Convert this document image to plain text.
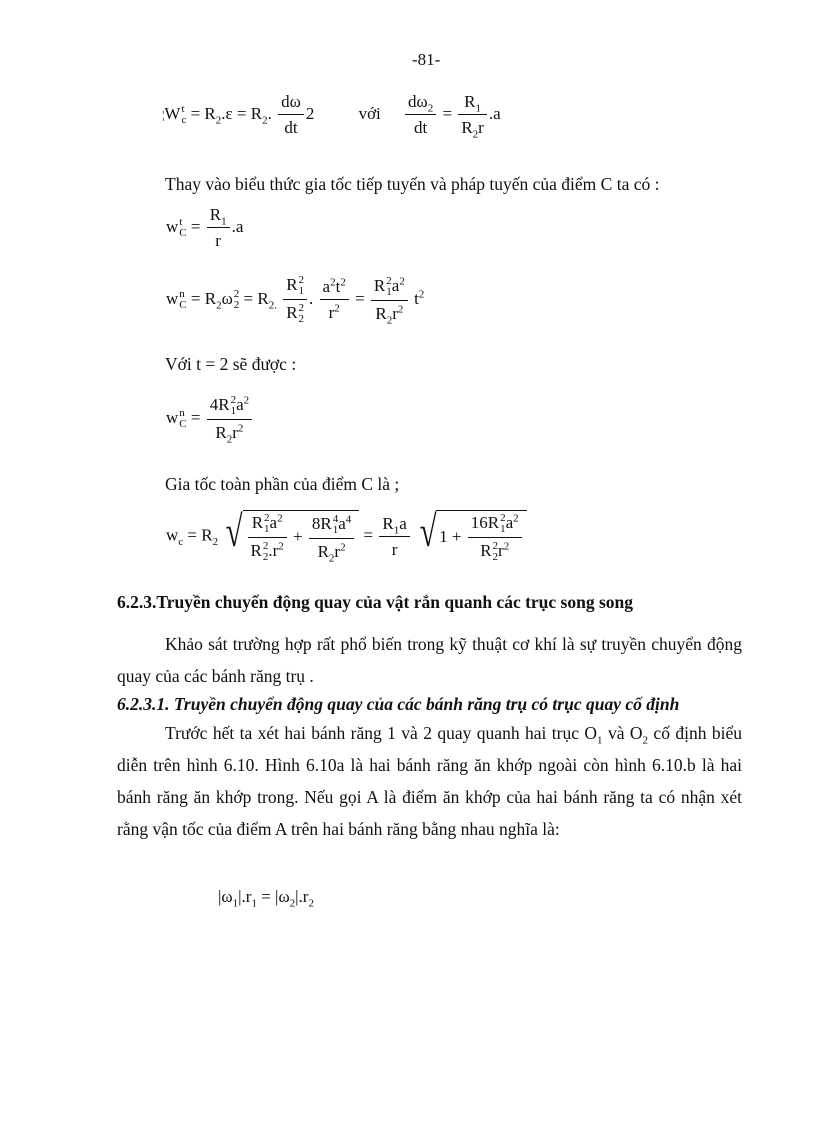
-81-
¦W t
$c = R_2.\varepsilon = R_2$. $\frac{d\omega}{dt} 2$	với $\frac{d\omega_2}{dt} = \frac{R_1}{R_2r} .a$
Thay vào biểu thức gia tốc tiếp tuyến và pháp tuyến của điểm C ta có :
w t
$C = \frac{R_1}{r} .a$
w n
$C = R_2\omega$ 2
$2 = R_{2.}$ R 2
1
R 2
2 . $\frac{a^2t^2}{r^2} = R$ 2
1 $a^2$
$R_2r^2$ $t^2$
Với t = 2 sẽ được :
w n
C = 4R 2
1 $a^2$
$R_2r^2$
Gia tốc toàn phần của điểm C là ;
$w_c = R_2$ √ R 2
1 $a^2$
R 2
2 $.r^2 + 8R$ 4
1 $a^4$
$R_2r^2 = \frac{R_1a}{r}$
√ 1 + 16R 2
1 $a^2$
R 2
2 $r^2$
6.2.3.Truyền chuyển động quay của vật rắn quanh các trục song song
Khảo sát trường hợp rất phổ biến trong kỹ thuật cơ khí là sự truyền chuyển động quay của các bánh răng trụ .
6.2.3.1. Truyền chuyển động quay của các bánh răng trụ có trục quay cố định
Trước hết ta xét hai bánh răng 1 và 2 quay quanh hai trục $O_1$ và $O_2$ cố định biểu diễn trên hình 6.10. Hình 6.10a là hai bánh răng ăn khớp ngoài còn hình 6.10.b là hai bánh răng ăn khớp trong. Nếu gọi A là điểm ăn khớp của hai bánh răng ta có nhận xét rằng vận tốc của điểm A trên hai bánh răng bằng nhau nghĩa là:
$|\omega_1|.r_1 = |\omega_2|.r_2$
